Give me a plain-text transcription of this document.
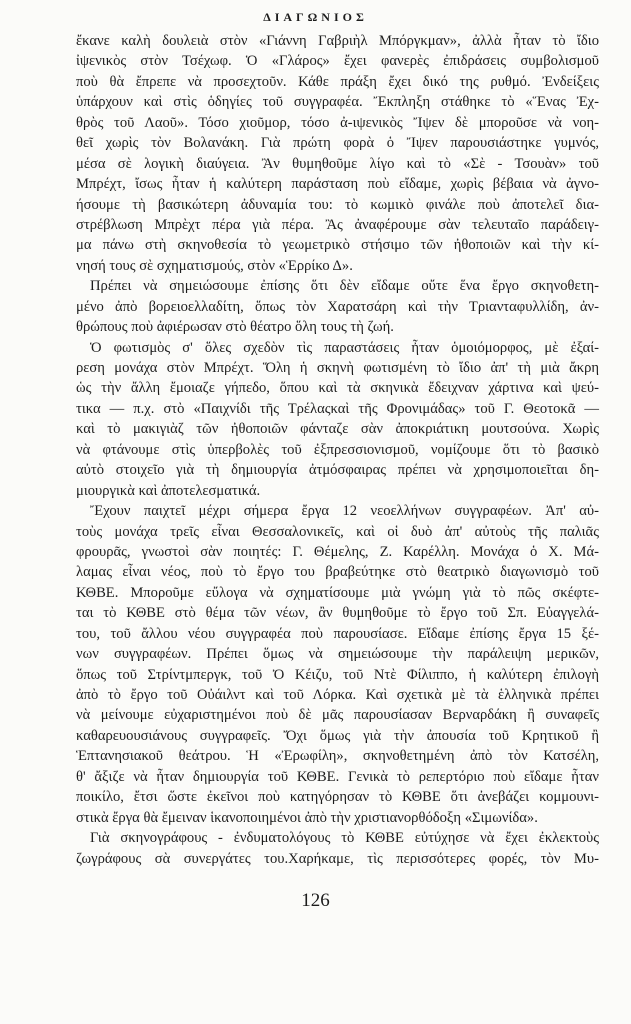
ΔΙΑΓΩΝΙΟΣ
ἔκανε καλὴ δουλειὰ στὸν «Γιάννη Γαβριὴλ Μπόργκμαν», ἀλλὰ ἦταν τὸ ἴδιο
ἰψενικὸς στὸν Τσέχωφ. Ὁ «Γλάρος» ἔχει φανερὲς ἐπιδράσεις συμβολισμοῦ
ποὺ θὰ ἔπρεπε νὰ προσεχτοῦν. Κάθε πράξη ἔχει δικό της ρυθμό. Ἐνδείξεις
ὑπάρχουν καὶ στὶς ὁδηγίες τοῦ συγγραφέα. Ἔκπληξη στάθηκε τὸ «Ἕνας Ἐχ-
θρὸς τοῦ Λαοῦ». Τόσο χιοῦμορ, τόσο ἀ-ιψενικὸς Ἴψεν δὲ μποροῦσε νὰ νοη-
θεῖ χωρὶς τὸν Βολανάκη. Γιὰ πρώτη φορὰ ὁ Ἴψεν παρουσιάστηκε γυμνός,
μέσα σὲ λογικὴ διαύγεια. Ἂν θυμηθοῦμε λίγο καὶ τὸ «Σὲ - Τσουὰν» τοῦ
Μπρέχτ, ἴσως ἦταν ἡ καλύτερη παράσταση ποὺ εἴδαμε, χωρὶς βέβαια νὰ ἀγνο-
ήσουμε τὴ βασικώτερη ἀδυναμία του: τὸ κωμικὸ φινάλε ποὺ ἀποτελεῖ δια-
στρέβλωση Μπρὲχτ πέρα γιὰ πέρα. Ἂς ἀναφέρουμε σὰν τελευταῖο παράδειγ-
μα πάνω στὴ σκηνοθεσία τὸ γεωμετρικὸ στήσιμο τῶν ἠθοποιῶν καὶ τὴν κί-
νησή τους σὲ σχηματισμούς, στὸν «Ἑρρίκο Δ».
Πρέπει νὰ σημειώσουμε ἐπίσης ὅτι δὲν εἴδαμε οὔτε ἕνα ἔργο σκηνοθετη-
μένο ἀπὸ βορειοελλαδίτη, ὅπως τὸν Χαρατσάρη καὶ τὴν Τριανταφυλλίδη, ἀν-
θρώπους ποὺ ἀφιέρωσαν στὸ θέατρο ὅλη τους τὴ ζωή.
Ὁ φωτισμὸς σ' ὅλες σχεδὸν τὶς παραστάσεις ἦταν ὁμοιόμορφος, μὲ ἐξαί-
ρεση μονάχα στὸν Μπρέχτ. Ὅλη ἡ σκηνὴ φωτισμένη τὸ ἴδιο ἀπ' τὴ μιὰ ἄκρη
ὡς τὴν ἄλλη ἔμοιαζε γήπεδο, ὅπου καὶ τὰ σκηνικὰ ἔδειχναν χάρτινα καὶ ψεύ-
τικα — π.χ. στὸ «Παιχνίδι τῆς Τρέλαςκαὶ τῆς Φρονιμάδας» τοῦ Γ. Θεοτοκᾶ —
καὶ τὸ μακιγιὰζ τῶν ἠθοποιῶν φάνταζε σὰν ἀποκριάτικη μουτσούνα. Χωρὶς
νὰ φτάνουμε στὶς ὑπερβολὲς τοῦ ἐξπρεσσιονισμοῦ, νομίζουμε ὅτι τὸ βασικὸ
αὐτὸ στοιχεῖο γιὰ τὴ δημιουργία ἀτμόσφαιρας πρέπει νὰ χρησιμοποιεῖται δη-
μιουργικὰ καὶ ἀποτελεσματικά.
Ἔχουν παιχτεῖ μέχρι σήμερα ἔργα 12 νεοελλήνων συγγραφέων. Ἀπ' αὐ-
τοὺς μονάχα τρεῖς εἶναι Θεσσαλονικεῖς, καὶ οἱ δυὸ ἀπ' αὐτοὺς τῆς παλιᾶς
φρουρᾶς, γνωστοὶ σὰν ποιητές: Γ. Θέμελης, Ζ. Καρέλλη. Μονάχα ὁ Χ. Μά-
λαμας εἶναι νέος, ποὺ τὸ ἔργο του βραβεύτηκε στὸ θεατρικὸ διαγωνισμὸ τοῦ
ΚΘΒΕ. Μποροῦμε εὔλογα νὰ σχηματίσουμε μιὰ γνώμη γιὰ τὸ πῶς σκέφτε-
ται τὸ ΚΘΒΕ στὸ θέμα τῶν νέων, ἂν θυμηθοῦμε τὸ ἔργο τοῦ Σπ. Εὐαγγελά-
του, τοῦ ἄλλου νέου συγγραφέα ποὺ παρουσίασε. Εἴδαμε ἐπίσης ἔργα 15 ξέ-
νων συγγραφέων. Πρέπει ὅμως νὰ σημειώσουμε τὴν παράλειψη μερικῶν,
ὅπως τοῦ Στρίντμπεργκ, τοῦ Ὀ Κέιζυ, τοῦ Ντὲ Φίλιππο, ἡ καλύτερη ἐπιλογὴ
ἀπὸ τὸ ἔργο τοῦ Οὐάιλντ καὶ τοῦ Λόρκα. Καὶ σχετικὰ μὲ τὰ ἑλληνικὰ πρέπει
νὰ μείνουμε εὐχαριστημένοι ποὺ δὲ μᾶς παρουσίασαν Βερναρδάκη ἢ συναφεῖς
καθαρευουσιάνους συγγραφεῖς. Ὄχι ὅμως γιὰ τὴν ἀπουσία τοῦ Κρητικοῦ ἢ
Ἑπτανησιακοῦ θεάτρου. Ἡ «Ἐρωφίλη», σκηνοθετημένη ἀπὸ τὸν Κατσέλη,
θ' ἄξιζε νὰ ἦταν δημιουργία τοῦ ΚΘΒΕ. Γενικὰ τὸ ρεπερτόριο ποὺ εἴδαμε ἦταν
ποικίλο, ἔτσι ὥστε ἐκεῖνοι ποὺ κατηγόρησαν τὸ ΚΘΒΕ ὅτι ἀνεβάζει κομμουνι-
στικὰ ἔργα θὰ ἔμειναν ἱκανοποιημένοι ἀπὸ τὴν χριστιανορθόδοξη «Σιμωνίδα».
Γιὰ σκηνογράφους - ἐνδυματολόγους τὸ ΚΘΒΕ εὐτύχησε νὰ ἔχει ἐκλεκτοὺς
ζωγράφους σὰ συνεργάτες του.Χαρήκαμε, τὶς περισσότερες φορές, τὸν Μυ-
126
